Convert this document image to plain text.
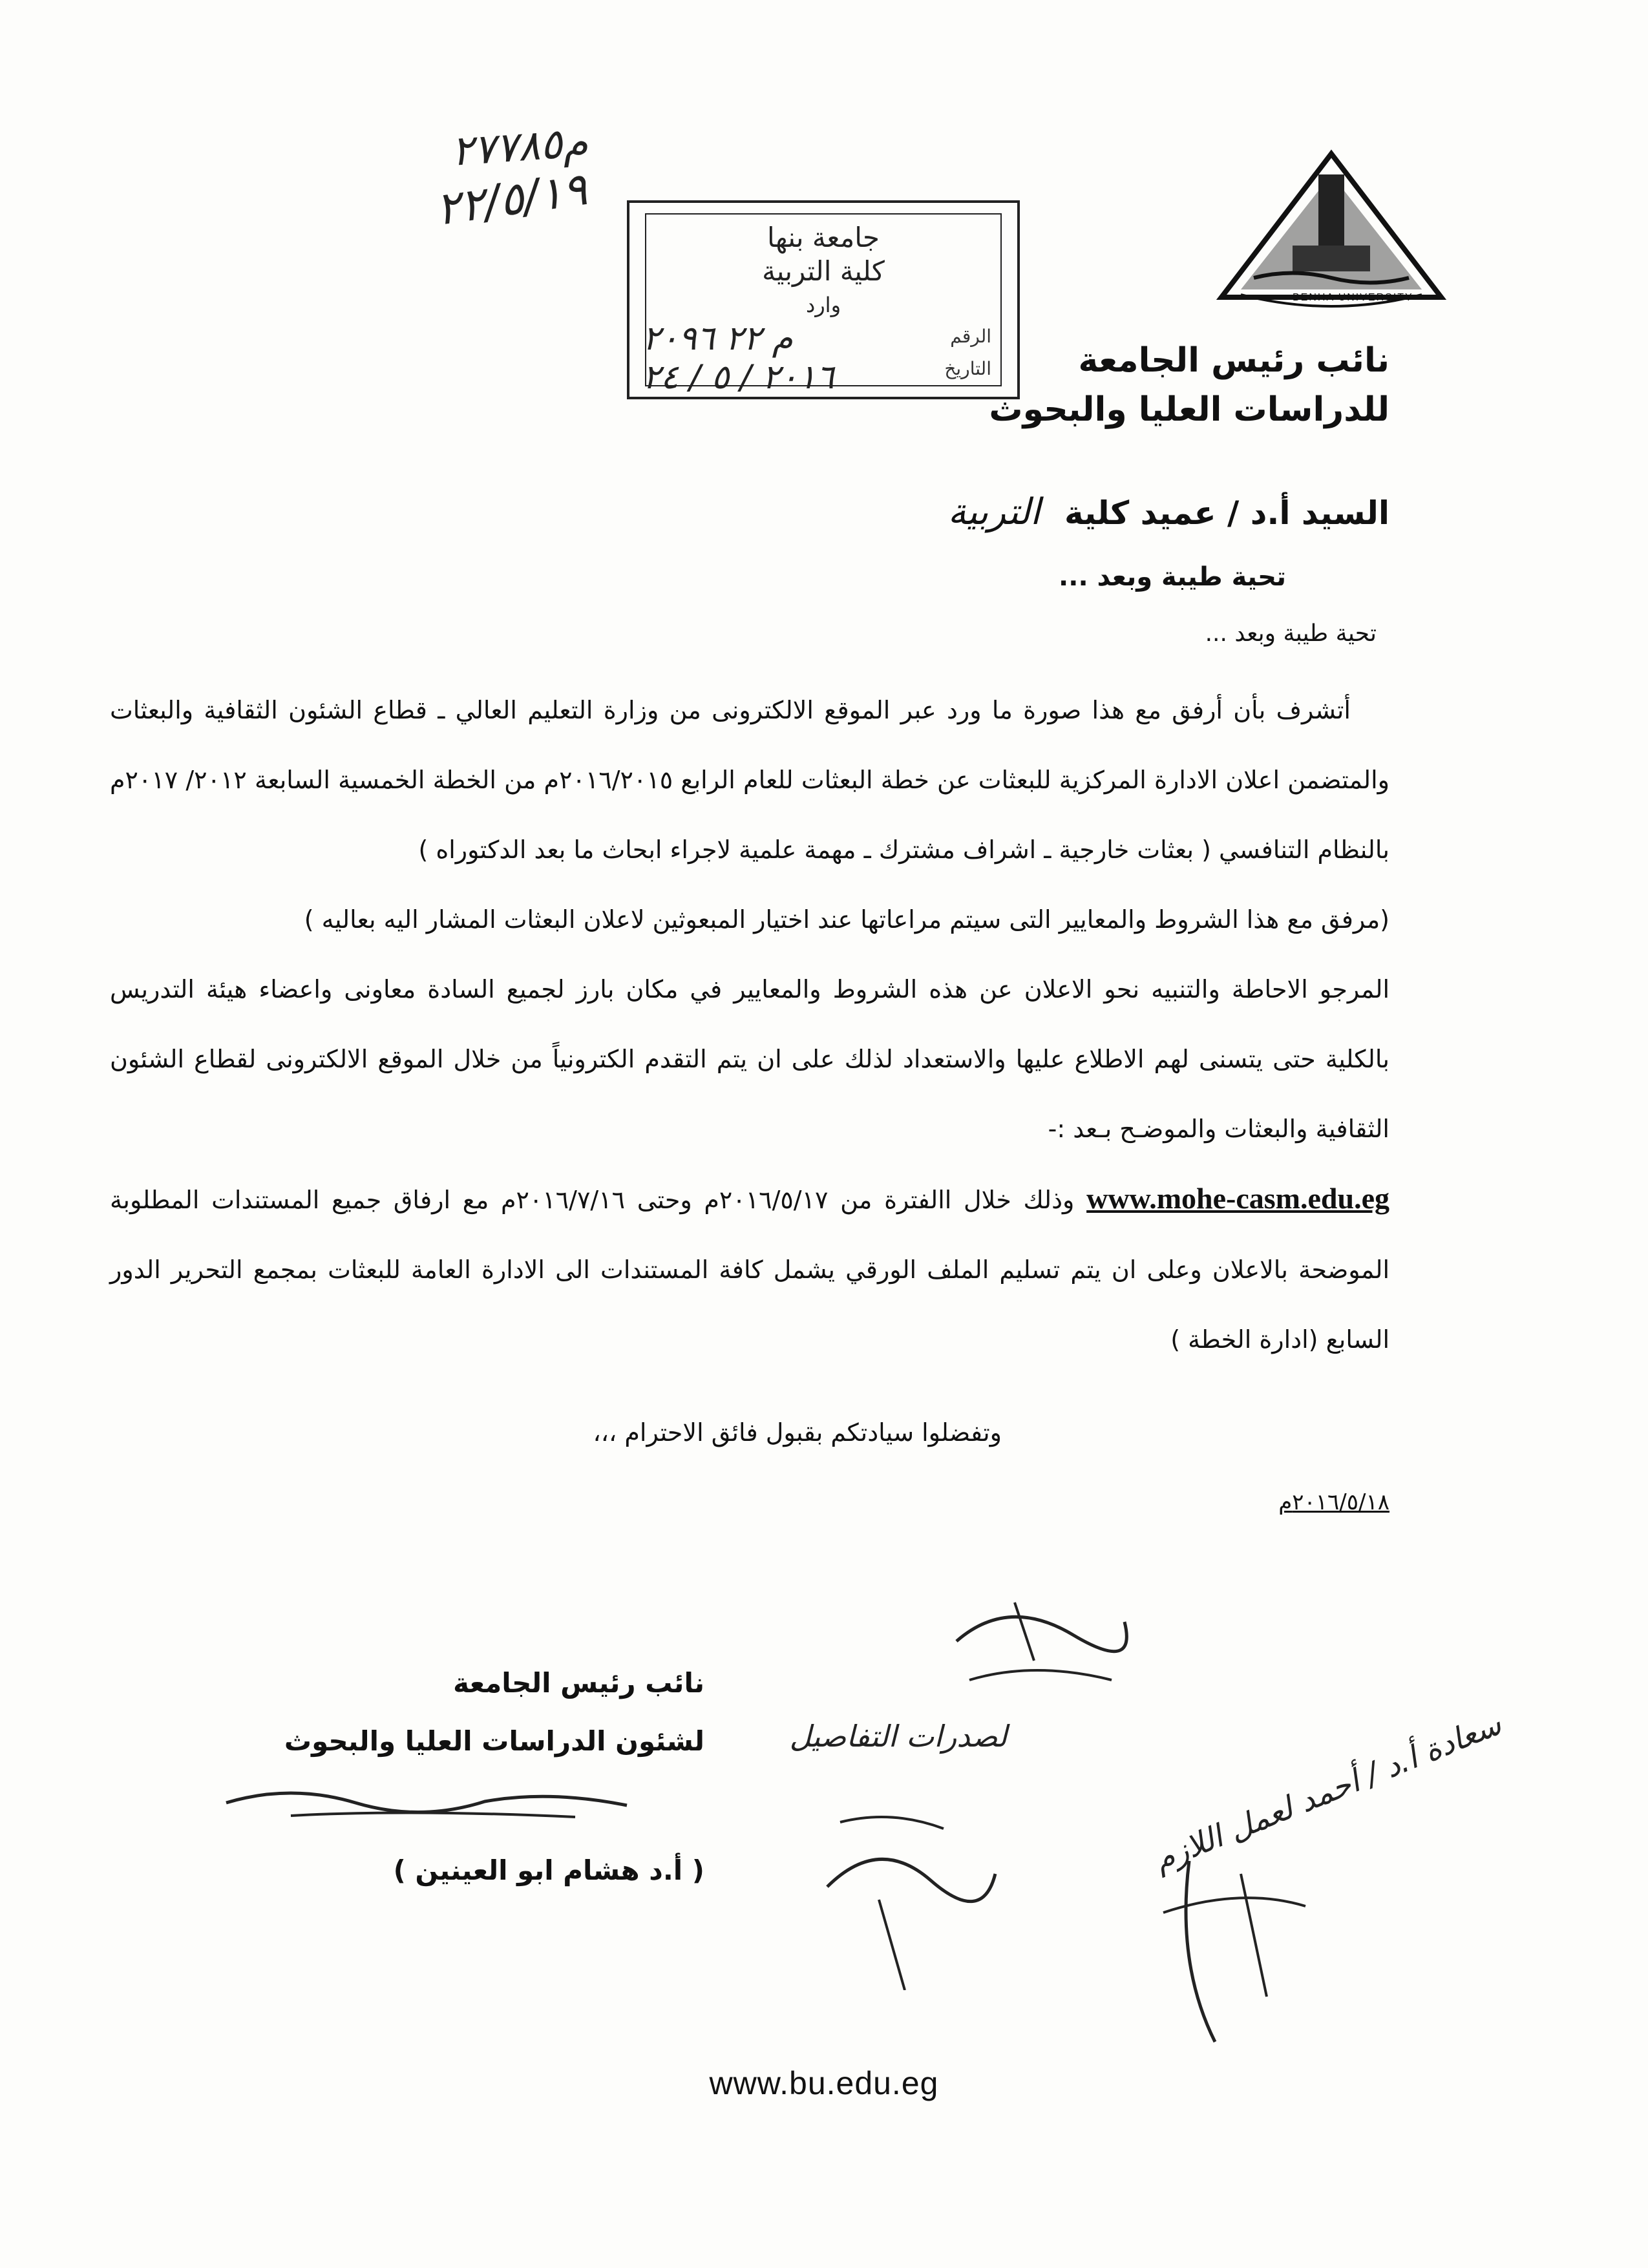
BENHA UNIVERSITY
نائب رئيس الجامعة
للدراسات العليا والبحوث
م٢٧٧٨٥
٢٢/٥/١٩
جامعة بنها
كلية التربية
وارد
الرقم
التاريخ
م ٢٢ ٢٠٩٦
٢٠١٦ / ٥ / ٢٤
السيد أ.د / عميد كلية التربية
تحية طيبة وبعد ...
تحية طيبة وبعد ...

أتشرف بأن أرفق مع هذا صورة ما ورد عبر الموقع الالكترونى من وزارة التعليم العالي ـ قطاع الشئون الثقافية والبعثات والمتضمن اعلان الادارة المركزية للبعثات عن خطة البعثات للعام الرابع ٢٠١٦/٢٠١٥م من الخطة الخمسية السابعة ٢٠١٢/ ٢٠١٧م بالنظام التنافسي ( بعثات خارجية ـ اشراف مشترك ـ مهمة علمية لاجراء ابحاث ما بعد الدكتوراه )

(مرفق مع هذا الشروط والمعايير التى سيتم مراعاتها عند اختيار المبعوثين لاعلان البعثات المشار اليه بعاليه )

المرجو الاحاطة والتنبيه نحو الاعلان عن هذه الشروط والمعايير في مكان بارز لجميع السادة معاونى واعضاء هيئة التدريس بالكلية حتى يتسنى لهم الاطلاع عليها والاستعداد لذلك على ان يتم التقدم الكترونياً من خلال الموقع الالكترونى لقطاع الشئون الثقافية والبعثات والموضـح بـعد :-

www.mohe-casm.edu.eg وذلك خلال االفترة من ٢٠١٦/٥/١٧م وحتى ٢٠١٦/٧/١٦م مع ارفاق جميع المستندات المطلوبة الموضحة بالاعلان وعلى ان يتم تسليم الملف الورقي يشمل كافة المستندات الى الادارة العامة للبعثات بمجمع التحرير الدور السابع (ادارة الخطة )

وتفضلوا سيادتكم بقبول فائق الاحترام ،،،
٢٠١٦/٥/١٨م
نائب رئيس الجامعة
لشئون الدراسات العليا والبحوث
( أ.د هشام ابو العينين )
لصدرات التفاصيل	سعادة أ.د / أحمد لعمل اللازم
www.bu.edu.eg
